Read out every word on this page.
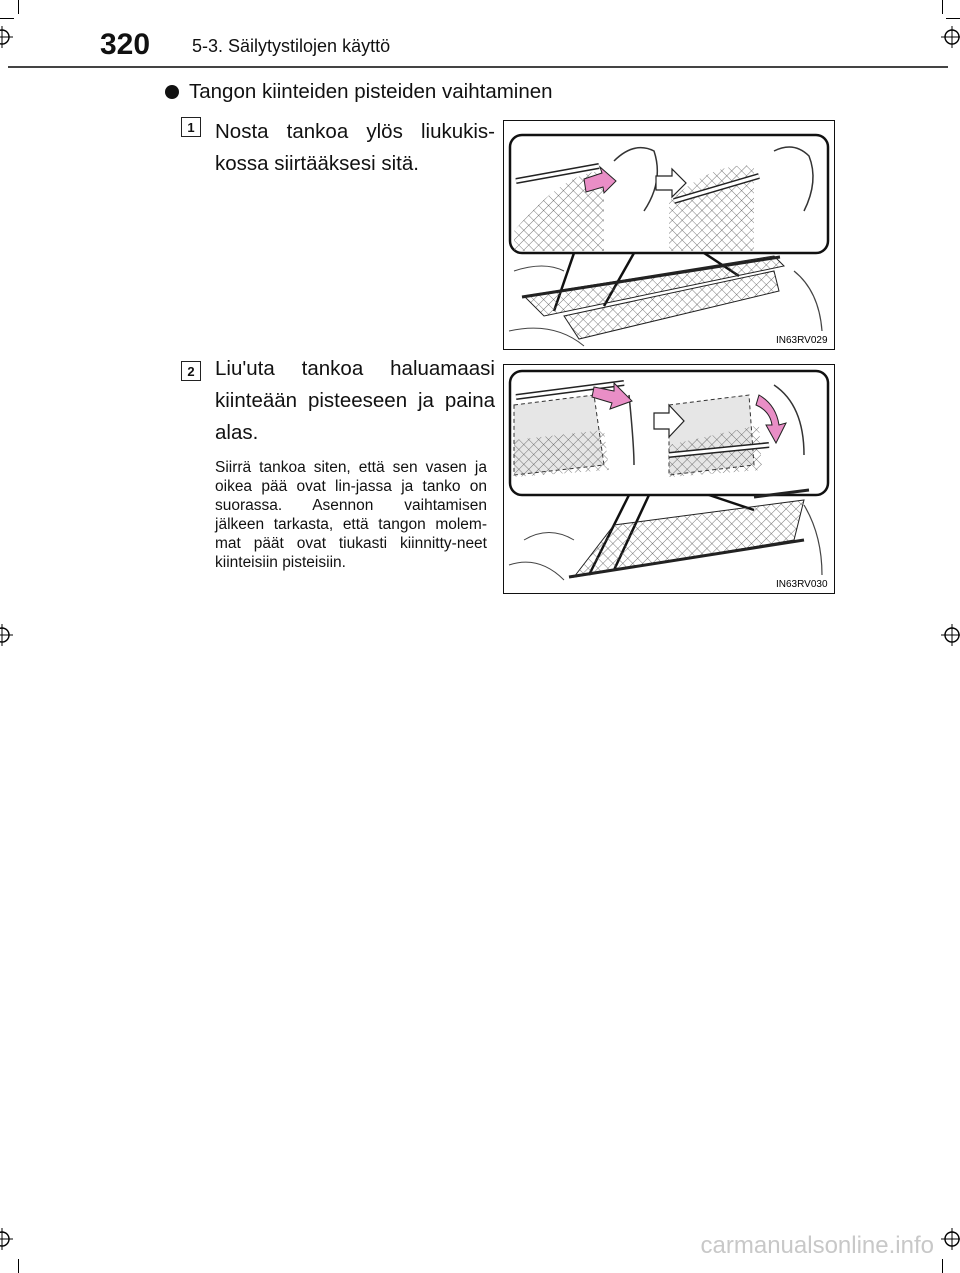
320 5-3. Säilytystilojen käyttö
Tangon kiinteiden pisteiden vaihtaminen
1 Nosta tankoa ylös liukukis-kossa siirtääksesi sitä.
IN63RV029
2 Liu'uta tankoa haluamaasi kiinteään pisteeseen ja paina alas.
Siirrä tankoa siten, että sen vasen ja oikea pää ovat lin-jassa ja tanko on suorassa. Asennon vaihtamisen jälkeen tarkasta, että tangon molem-mat päät ovat tiukasti kiinnitty-neet kiinteisiin pisteisiin.
IN63RV030
carmanualsonline.info
